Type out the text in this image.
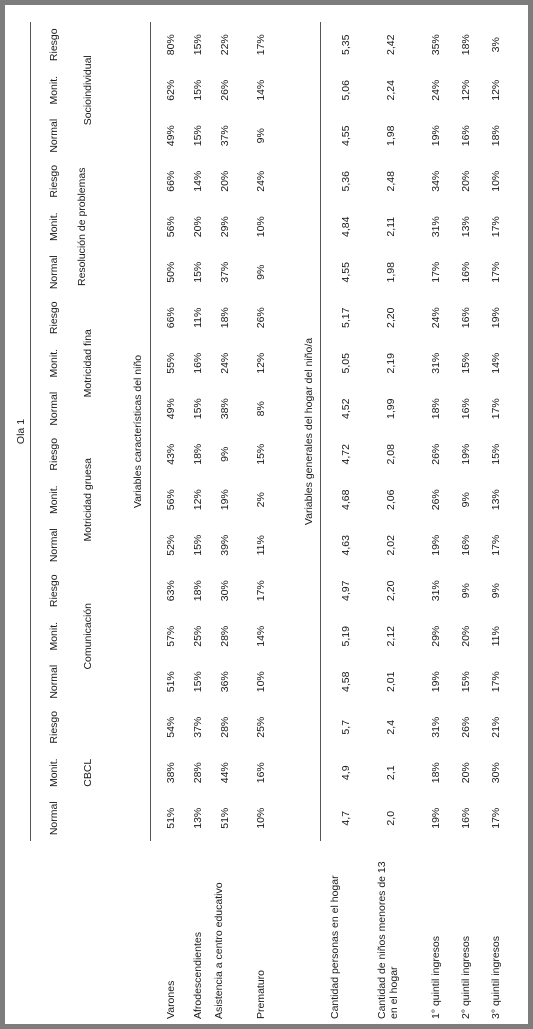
Ola 1
Normal
Monit.
Riesgo
Normal
Monit.
Riesgo
Normal
Monit.
Riesgo
Normal
Monit.
Riesgo
Normal
Monit.
Riesgo
Normal
Monit.
Riesgo
CBCL
Comunicación
Motricidad gruesa
Motricidad fina
Resolución de problemas
Socioindividual
Variables características del niño	Variables generales del hogar del niño/a
Varones
51%
38%
54%
51%
57%
63%
52%
56%
43%
49%
55%
66%
50%
56%
66%
49%
62%
80%
Afrodescendientes
13%
28%
37%
15%
25%
18%
15%
12%
18%
15%
16%
11%
15%
20%
14%
15%
15%
15%
Asistencia a centro educativo
51%
44%
28%
36%
28%
30%
39%
19%
9%
38%
24%
18%
37%
29%
20%
37%
26%
22%
Prematuro
10%
16%
25%
10%
14%
17%
11%
2%
15%
8%
12%
26%
9%
10%
24%
9%
14%
17%
Cantidad personas en el hogar
4,7
4,9
5,7
4,58
5,19
4,97
4,63
4,68
4,72
4,52
5,05
5,17
4,55
4,84
5,36
4,55
5,06
5,35
Cantidad de niños menores de 13 en el hogar
2,0
2,1
2,4
2,01
2,12
2,20
2,02
2,06
2,08
1,99
2,19
2,20
1,98
2,11
2,48
1,98
2,24
2,42
1° quintil ingresos
19%
18%
31%
19%
29%
31%
19%
26%
26%
18%
31%
24%
17%
31%
34%
19%
24%
35%
2° quintil ingresos
16%
20%
26%
15%
20%
9%
16%
9%
19%
16%
15%
16%
16%
13%
20%
16%
12%
18%
3° quintil ingresos
17%
30%
21%
17%
11%
9%
17%
13%
15%
17%
14%
19%
17%
17%
10%
18%
12%
3%
